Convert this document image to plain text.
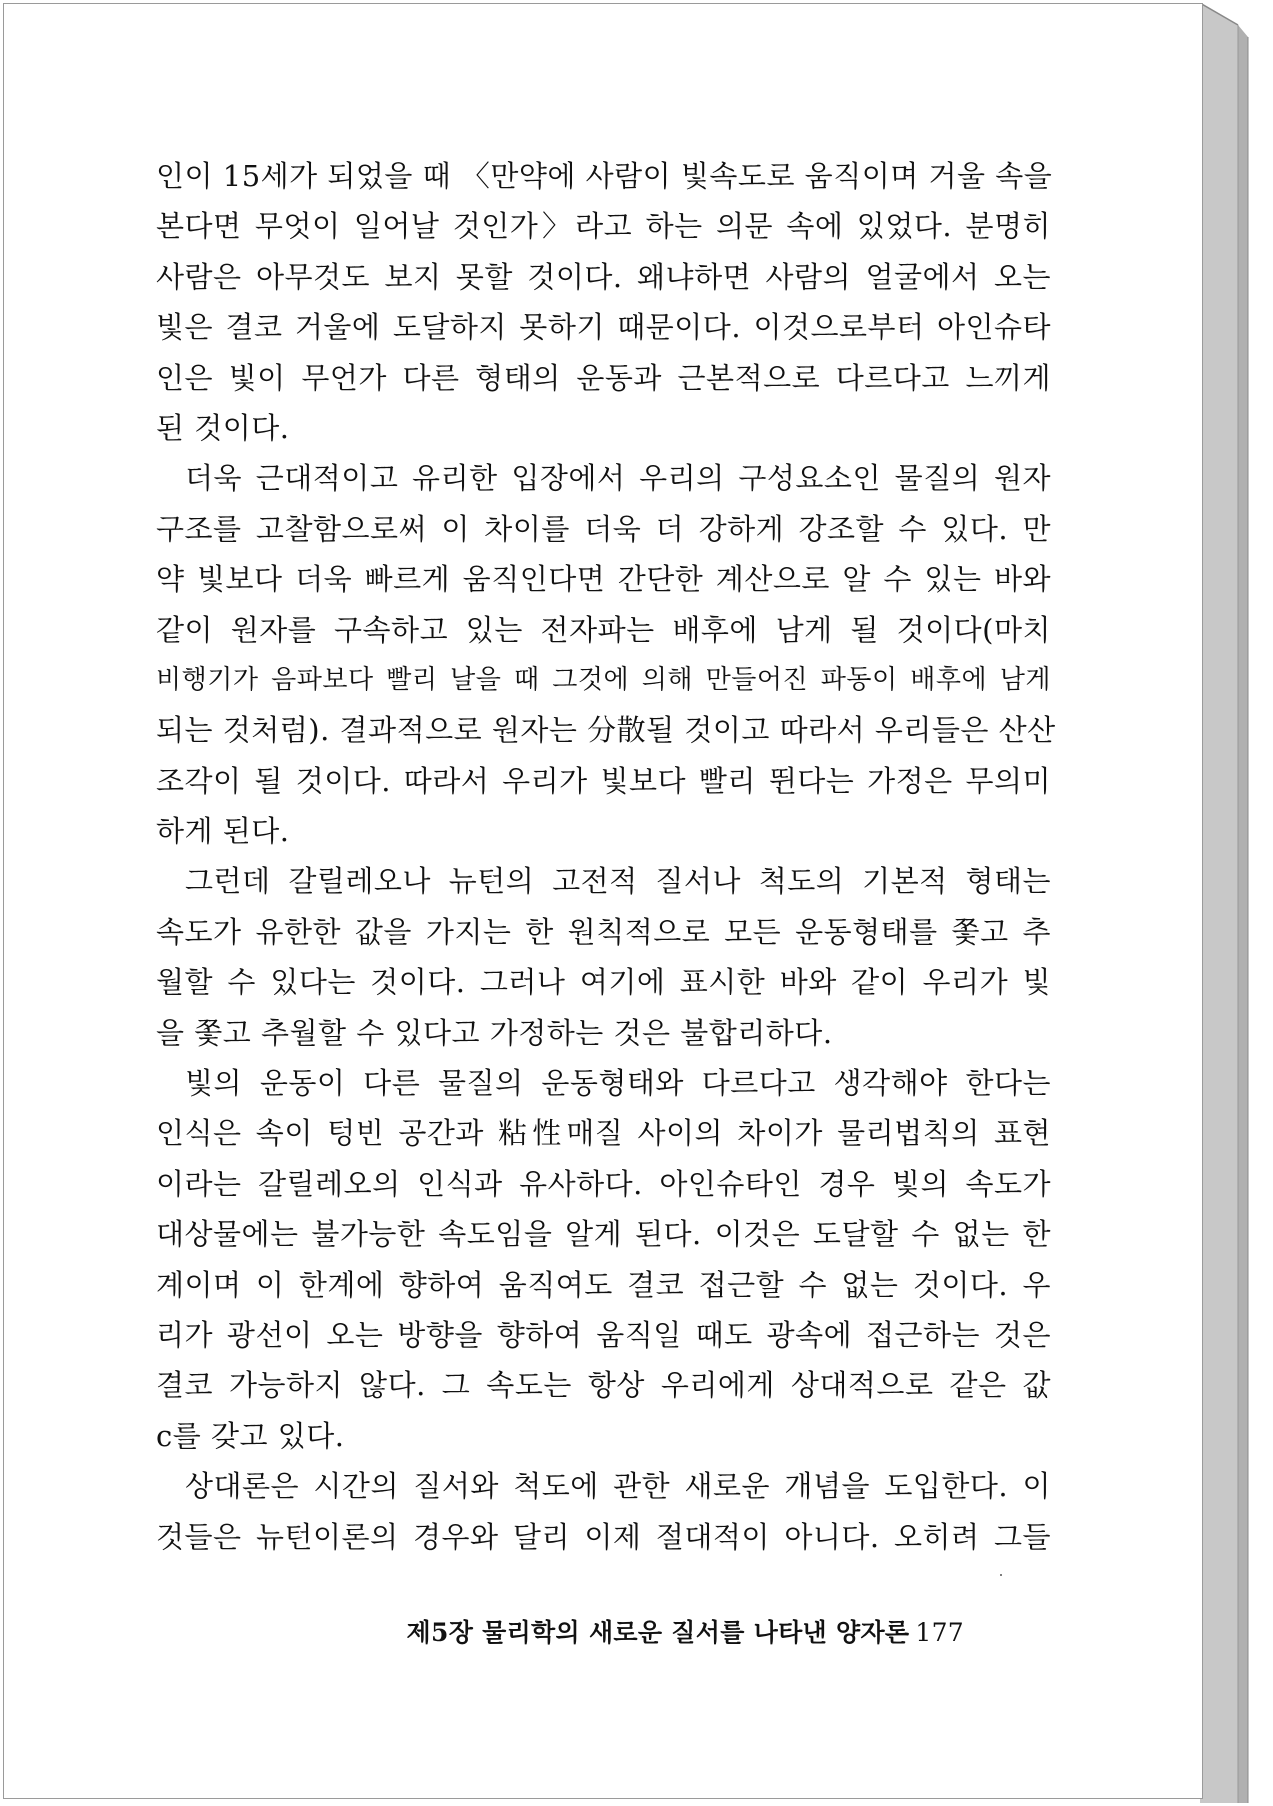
인이 15세가 되었을 때 〈만약에 사람이 빛속도로 움직이며 거울 속을
본다면 무엇이 일어날 것인가〉라고 하는 의문 속에 있었다. 분명히
사람은 아무것도 보지 못할 것이다. 왜냐하면 사람의 얼굴에서 오는
빛은 결코 거울에 도달하지 못하기 때문이다. 이것으로부터 아인슈타
인은 빛이 무언가 다른 형태의 운동과 근본적으로 다르다고 느끼게
된 것이다.
더욱 근대적이고 유리한 입장에서 우리의 구성요소인 물질의 원자
구조를 고찰함으로써 이 차이를 더욱 더 강하게 강조할 수 있다. 만
약 빛보다 더욱 빠르게 움직인다면 간단한 계산으로 알 수 있는 바와
같이 원자를 구속하고 있는 전자파는 배후에 남게 될 것이다(마치
비행기가 음파보다 빨리 날을 때 그것에 의해 만들어진 파동이 배후에 남게
되는 것처럼). 결과적으로 원자는 分散될 것이고 따라서 우리들은 산산
조각이 될 것이다. 따라서 우리가 빛보다 빨리 뛴다는 가정은 무의미
하게 된다.
그런데 갈릴레오나 뉴턴의 고전적 질서나 척도의 기본적 형태는
속도가 유한한 값을 가지는 한 원칙적으로 모든 운동형태를 쫓고 추
월할 수 있다는 것이다. 그러나 여기에 표시한 바와 같이 우리가 빛
을 쫓고 추월할 수 있다고 가정하는 것은 불합리하다.
빛의 운동이 다른 물질의 운동형태와 다르다고 생각해야 한다는
인식은 속이 텅빈 공간과 粘性매질 사이의 차이가 물리법칙의 표현
이라는 갈릴레오의 인식과 유사하다. 아인슈타인 경우 빛의 속도가
대상물에는 불가능한 속도임을 알게 된다. 이것은 도달할 수 없는 한
계이며 이 한계에 향하여 움직여도 결코 접근할 수 없는 것이다. 우
리가 광선이 오는 방향을 향하여 움직일 때도 광속에 접근하는 것은
결코 가능하지 않다. 그 속도는 항상 우리에게 상대적으로 같은 값
c를 갖고 있다.
상대론은 시간의 질서와 척도에 관한 새로운 개념을 도입한다. 이
것들은 뉴턴이론의 경우와 달리 이제 절대적이 아니다. 오히려 그들
제5장 물리학의 새로운 질서를 나타낸 양자론 177
